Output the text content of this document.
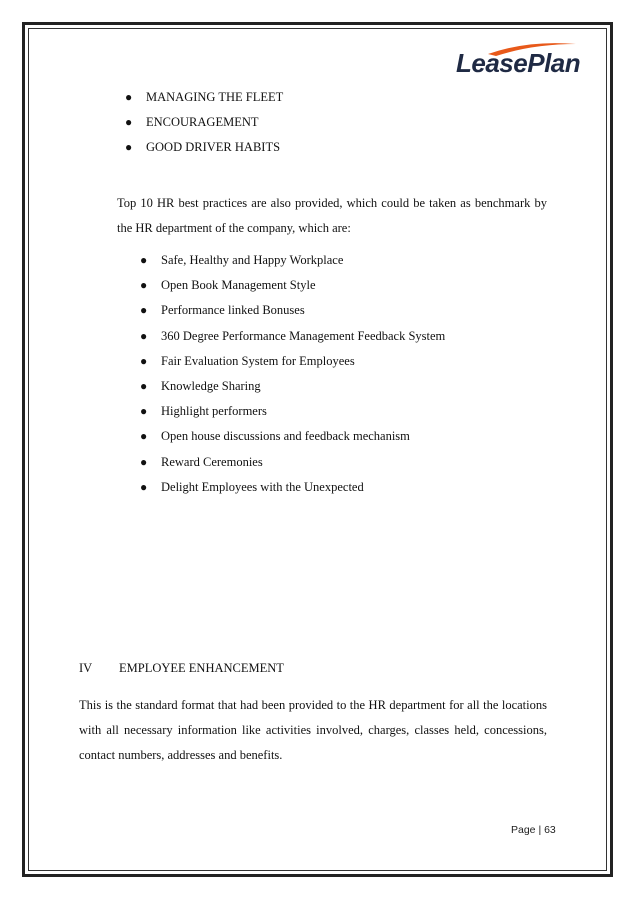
LeasePlan
● MANAGING THE FLEET
● ENCOURAGEMENT
● GOOD DRIVER HABITS

Top 10 HR best practices are also provided, which could be taken as benchmark by the HR department of the company, which are:

● Safe, Healthy and Happy Workplace
● Open Book Management Style
● Performance linked Bonuses
● 360 Degree Performance Management Feedback System
● Fair Evaluation System for Employees
● Knowledge Sharing
● Highlight performers
● Open house discussions and feedback mechanism
● Reward Ceremonies
● Delight Employees with the Unexpected
IV EMPLOYEE ENHANCEMENT

This is the standard format that had been provided to the HR department for all the locations with all necessary information like activities involved, charges, classes held, concessions, contact numbers, addresses and benefits.

Page | 63
